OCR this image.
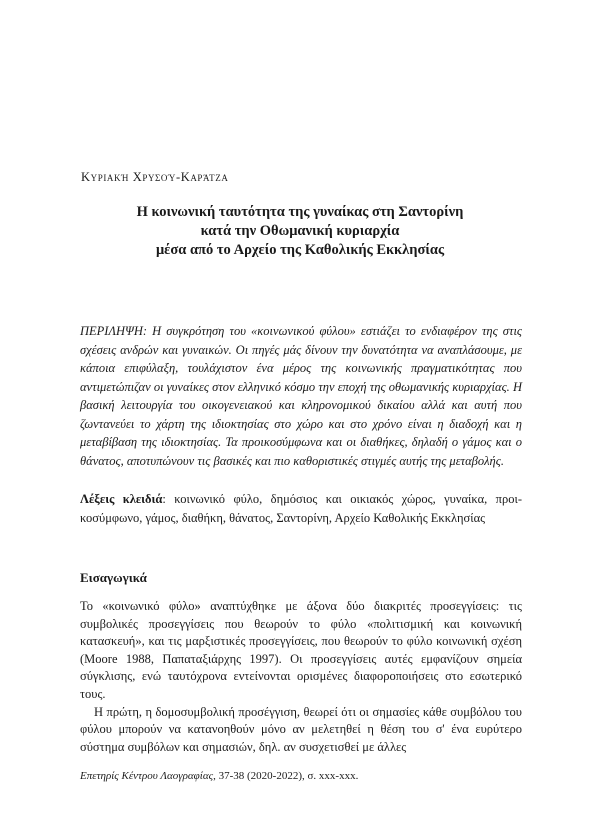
Κυριακή Χρυσού-Καράτζα
Η κοινωνική ταυτότητα της γυναίκας στη Σαντορίνη
κατά την Οθωμανική κυριαρχία
μέσα από το Αρχείο της Καθολικής Εκκλησίας
ΠΕΡΙΛΗΨΗ: Η συγκρότηση του «κοινωνικού φύλου» εστιάζει το ενδιαφέρον της στις σχέσεις ανδρών και γυναικών. Οι πηγές μάς δίνουν την δυνατότητα να αναπλάσουμε, με κάποια επιφύλαξη, τουλάχιστον ένα μέρος της κοινωνικής πραγματικότητας που αντιμετώπιζαν οι γυναίκες στον ελληνικό κόσμο την εποχή της οθωμανικής κυριαρχίας. Η βασική λειτουργία του οικογενειακού και κληρονομικού δικαίου αλλά και αυτή που ζωντανεύει το χάρτη της ιδιοκτησίας στο χώρο και στο χρόνο είναι η διαδοχή και η μεταβίβαση της ιδιοκτησίας. Τα προικοσύμφωνα και οι διαθήκες, δηλαδή ο γάμος και ο θάνατος, αποτυπώνουν τις βασικές και πιο καθοριστικές στιγμές αυτής της μεταβολής.
Λέξεις κλειδιά: κοινωνικό φύλο, δημόσιος και οικιακός χώρος, γυναίκα, προικοσύμφωνο, γάμος, διαθήκη, θάνατος, Σαντορίνη, Αρχείο Καθολικής Εκκλησίας
Εισαγωγικά

Το «κοινωνικό φύλο» αναπτύχθηκε με άξονα δύο διακριτές προσεγγίσεις: τις συμβολικές προσεγγίσεις που θεωρούν το φύλο «πολιτισμική και κοινωνική κατασκευή», και τις μαρξιστικές προσεγγίσεις, που θεωρούν το φύλο κοινωνική σχέση (Moore 1988, Παπαταξιάρχης 1997). Οι προσεγγίσεις αυτές εμφανίζουν σημεία σύγκλισης, ενώ ταυτόχρονα εντείνονται ορισμένες διαφοροποιήσεις στο εσωτερικό τους.

Η πρώτη, η δομοσυμβολική προσέγγιση, θεωρεί ότι οι σημασίες κάθε συμβόλου του φύλου μπορούν να κατανοηθούν μόνο αν μελετηθεί η θέση του σ' ένα ευρύτερο σύστημα συμβόλων και σημασιών, δηλ. αν συσχετισθεί με άλλες

Επετηρίς Κέντρου Λαογραφίας, 37-38 (2020-2022), σ. xxx-xxx.
